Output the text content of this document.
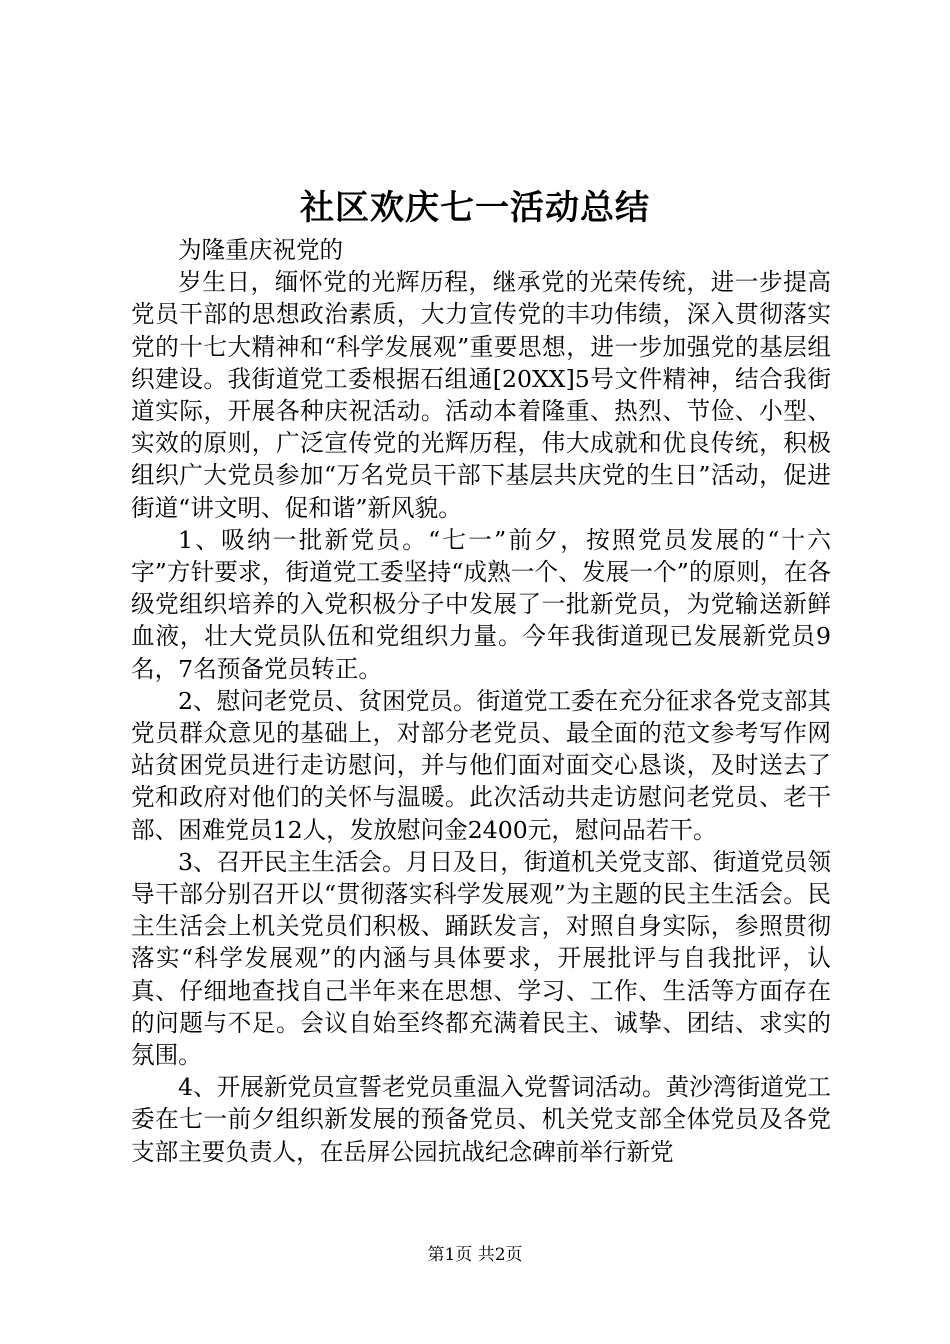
社区欢庆七一活动总结

为隆重庆祝党的

岁生日，缅怀党的光辉历程，继承党的光荣传统，进一步提高党员干部的思想政治素质，大力宣传党的丰功伟绩，深入贯彻落实党的十七大精神和“科学发展观”重要思想，进一步加强党的基层组织建设。我街道党工委根据石组通[20XX]5号文件精神，结合我街道实际，开展各种庆祝活动。活动本着隆重、热烈、节俭、小型、实效的原则，广泛宣传党的光辉历程，伟大成就和优良传统，积极组织广大党员参加“万名党员干部下基层共庆党的生日”活动，促进街道“讲文明、促和谐”新风貌。

1、吸纳一批新党员。“七一”前夕，按照党员发展的“十六字”方针要求，街道党工委坚持“成熟一个、发展一个”的原则，在各级党组织培养的入党积极分子中发展了一批新党员，为党输送新鲜血液，壮大党员队伍和党组织力量。今年我街道现已发展新党员9名，7名预备党员转正。

2、慰问老党员、贫困党员。街道党工委在充分征求各党支部其党员群众意见的基础上，对部分老党员、最全面的范文参考写作网站贫困党员进行走访慰问，并与他们面对面交心恳谈，及时送去了党和政府对他们的关怀与温暖。此次活动共走访慰问老党员、老干部、困难党员12人，发放慰问金2400元，慰问品若干。

3、召开民主生活会。月日及日，街道机关党支部、街道党员领导干部分别召开以“贯彻落实科学发展观”为主题的民主生活会。民主生活会上机关党员们积极、踊跃发言，对照自身实际，参照贯彻落实“科学发展观”的内涵与具体要求，开展批评与自我批评，认真、仔细地查找自己半年来在思想、学习、工作、生活等方面存在的问题与不足。会议自始至终都充满着民主、诚挚、团结、求实的氛围。

4、开展新党员宣誓老党员重温入党誓词活动。黄沙湾街道党工委在七一前夕组织新发展的预备党员、机关党支部全体党员及各党支部主要负责人，在岳屏公园抗战纪念碑前举行新党

第1页 共2页
